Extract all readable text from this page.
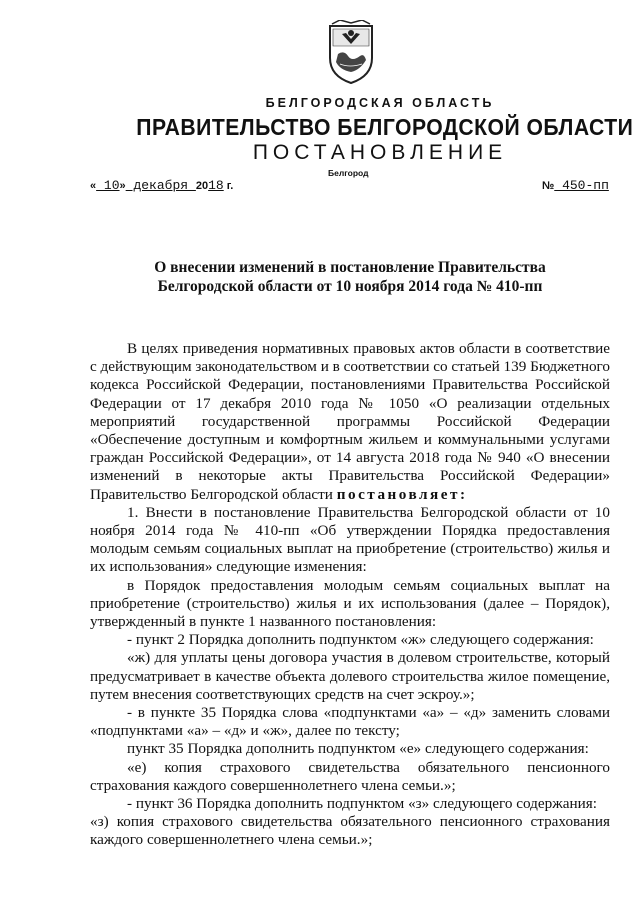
БЕЛГОРОДСКАЯ ОБЛАСТЬ
ПРАВИТЕЛЬСТВО БЕЛГОРОДСКОЙ ОБЛАСТИ
ПОСТАНОВЛЕНИЕ
Белгород
« 10» декабря 2018 г.	№ 450-пп
О внесении изменений в постановление Правительства
Белгородской области от 10 ноября 2014 года № 410-пп

В целях приведения нормативных правовых актов области в соответствие с действующим законодательством и в соответствии со статьей 139 Бюджетного кодекса Российской Федерации, постановлениями Правительства Российской Федерации от 17 декабря 2010 года № 1050 «О реализации отдельных мероприятий государственной программы Российской Федерации «Обеспечение доступным и комфортным жильем и коммунальными услугами граждан Российской Федерации», от 14 августа 2018 года № 940 «О внесении изменений в некоторые акты Правительства Российской Федерации» Правительство Белгородской области постановляет:

1. Внести в постановление Правительства Белгородской области от 10 ноября 2014 года № 410-пп «Об утверждении Порядка предоставления молодым семьям социальных выплат на приобретение (строительство) жилья и их использования» следующие изменения:

в Порядок предоставления молодым семьям социальных выплат на приобретение (строительство) жилья и их использования (далее – Порядок), утвержденный в пункте 1 названного постановления:

- пункт 2 Порядка дополнить подпунктом «ж» следующего содержания:

«ж) для уплаты цены договора участия в долевом строительстве, который предусматривает в качестве объекта долевого строительства жилое помещение, путем внесения соответствующих средств на счет эскроу.»;

- в пункте 35 Порядка слова «подпунктами «а» – «д» заменить словами «подпунктами «а» – «д» и «ж», далее по тексту;

пункт 35 Порядка дополнить подпунктом «е» следующего содержания:

«е) копия страхового свидетельства обязательного пенсионного страхования каждого совершеннолетнего члена семьи.»;

- пункт 36 Порядка дополнить подпунктом «з» следующего содержания:

«з) копия страхового свидетельства обязательного пенсионного страхования каждого совершеннолетнего члена семьи.»;
